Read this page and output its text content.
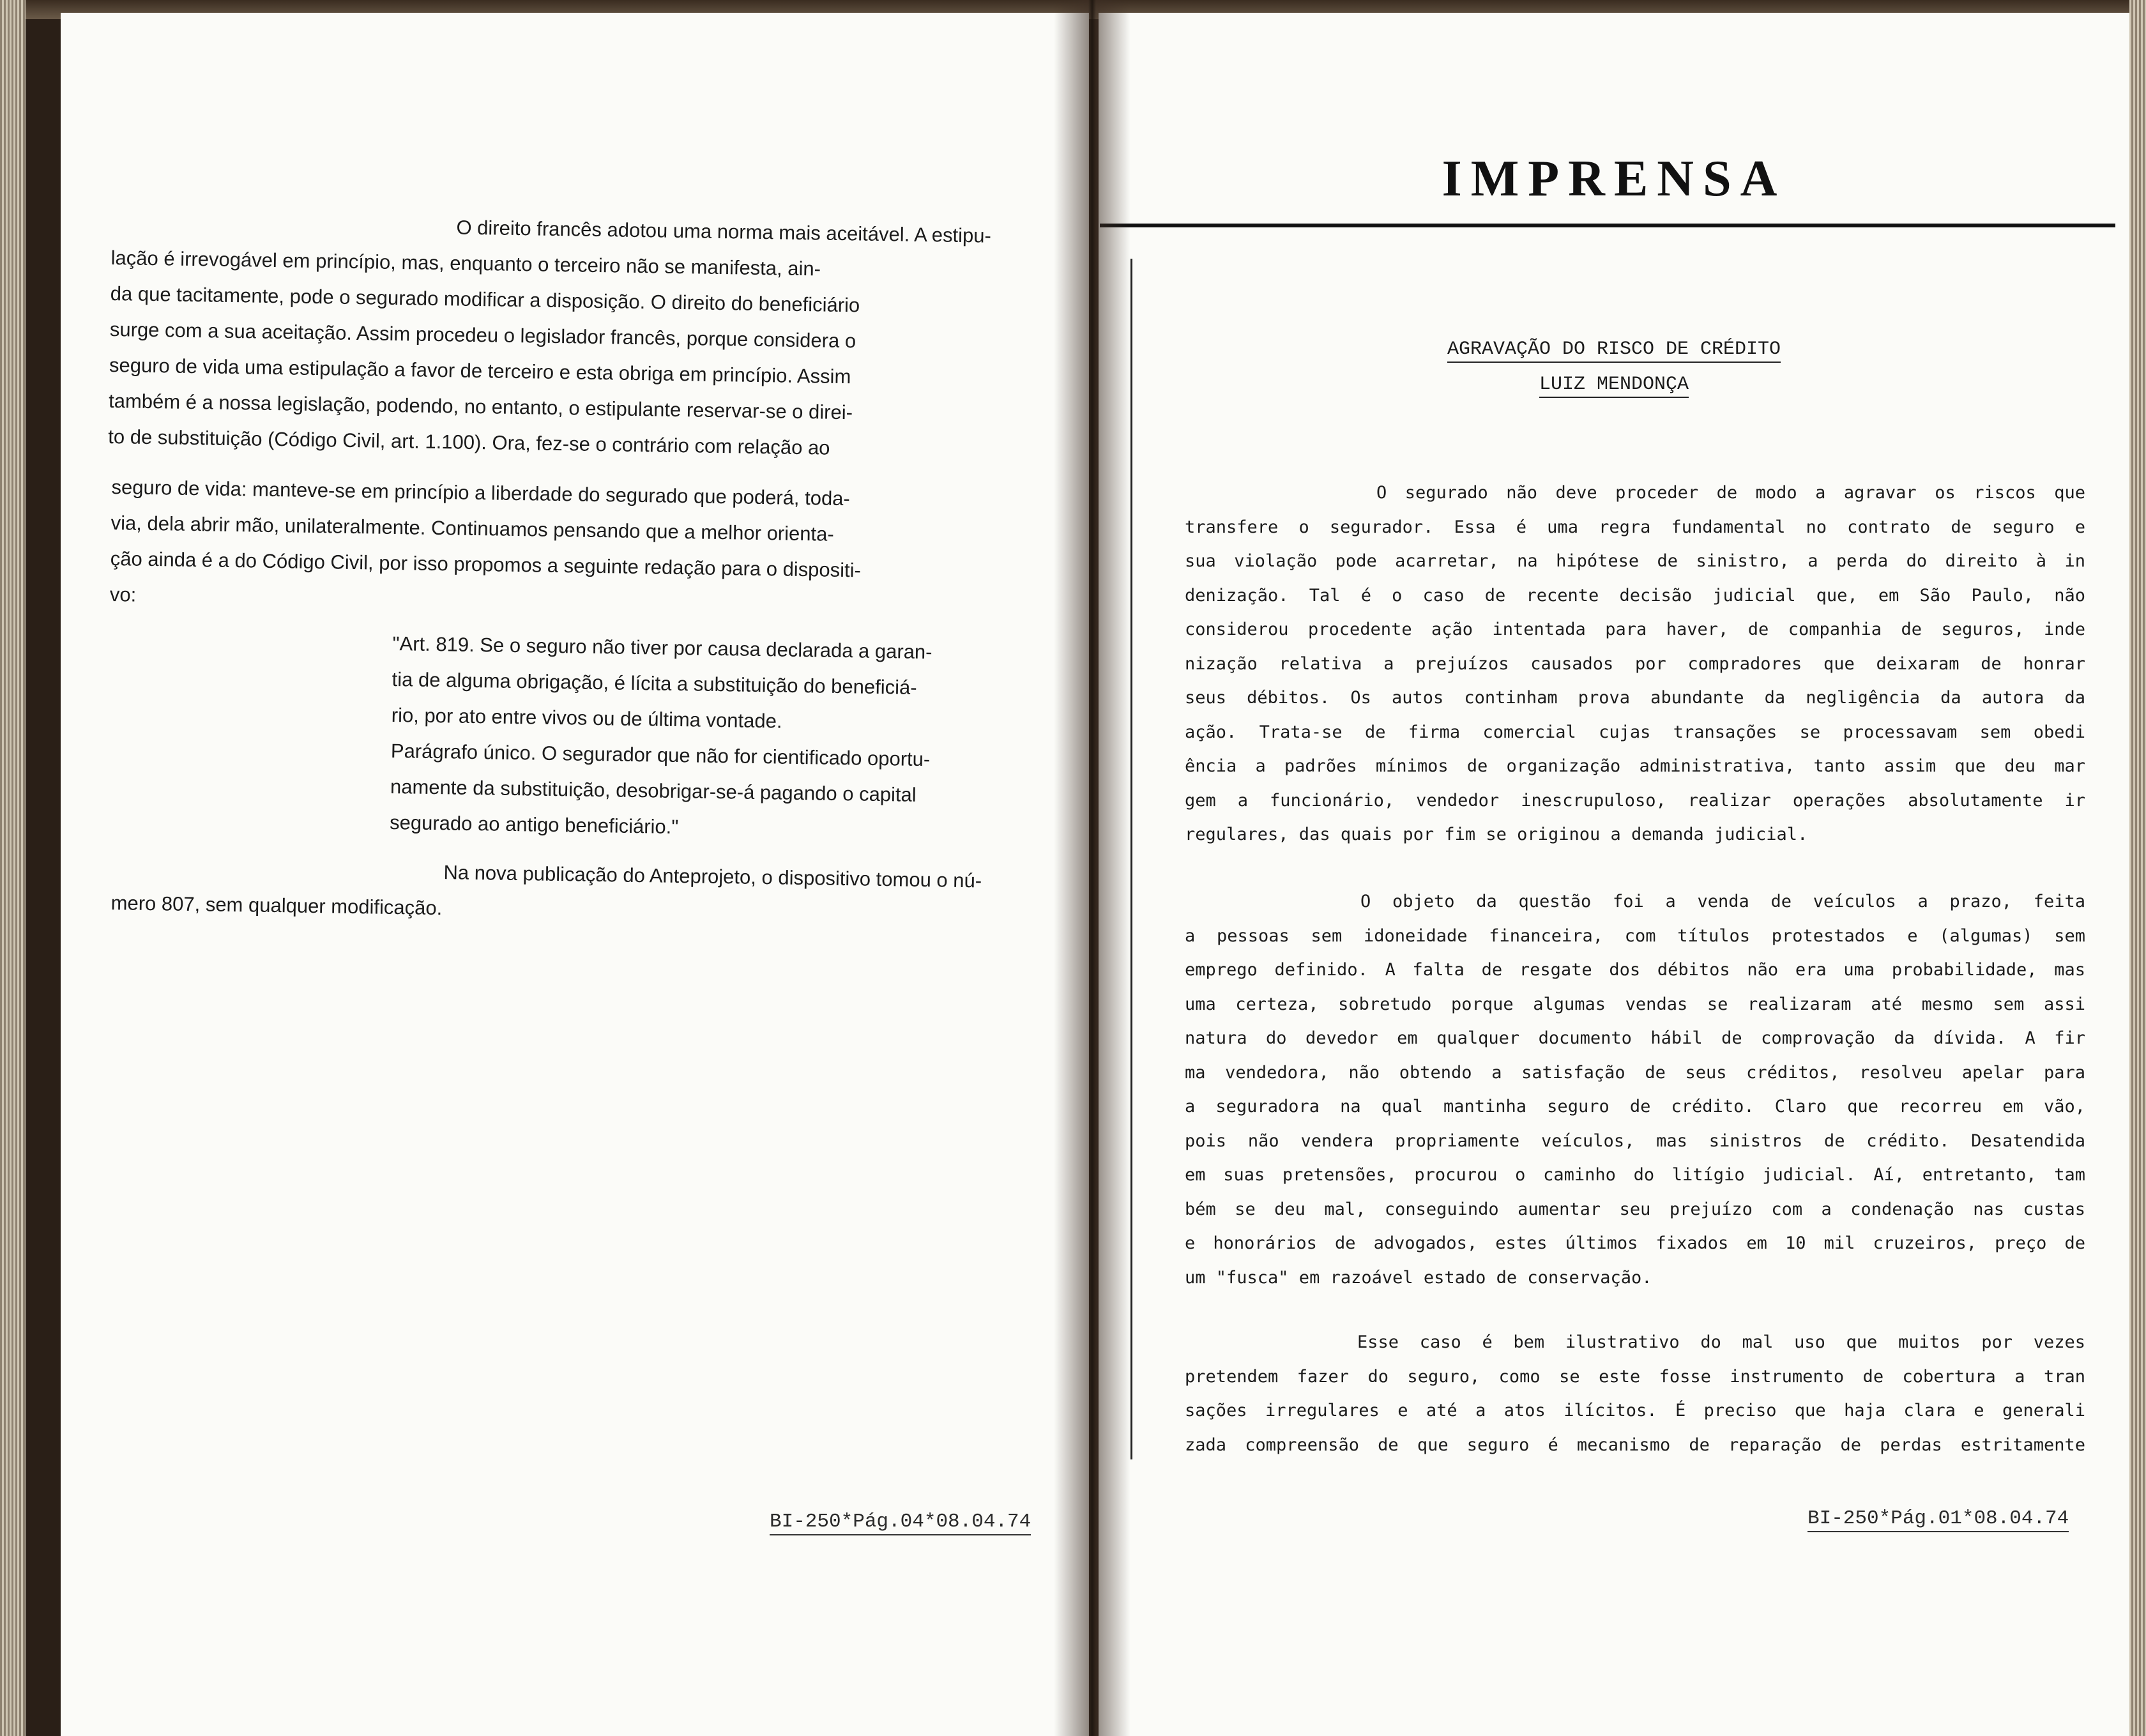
O direito francês adotou uma norma mais aceitável. A estipu-
lação é irrevogável em princípio, mas, enquanto o terceiro não se manifesta, ain-
da que tacitamente, pode o segurado modificar a disposição. O direito do beneficiário
surge com a sua aceitação. Assim procedeu o legislador francês, porque considera o
seguro de vida uma estipulação a favor de terceiro e esta obriga em princípio. Assim
também é a nossa legislação, podendo, no entanto, o estipulante reservar-se o direi-
to de substituição (Código Civil, art. 1.100). Ora, fez-se o contrário com relação ao
seguro de vida: manteve-se em princípio a liberdade do segurado que poderá, toda-
via, dela abrir mão, unilateralmente. Continuamos pensando que a melhor orienta-
ção ainda é a do Código Civil, por isso propomos a seguinte redação para o dispositi-
vo:
"Art. 819. Se o seguro não tiver por causa declarada a garan-
tia de alguma obrigação, é lícita a substituição do beneficiá-
rio, por ato entre vivos ou de última vontade.
Parágrafo único. O segurador que não for cientificado oportu-
namente da substituição, desobrigar-se-á pagando o capital
segurado ao antigo beneficiário."
Na nova publicação do Anteprojeto, o dispositivo tomou o nú-
mero 807, sem qualquer modificação.
BI-250*Pág.04*08.04.74
IMPRENSA
AGRAVAÇÃO DO RISCO DE CRÉDITO
LUIZ MENDONÇA
O segurado não deve proceder de modo a agravar os riscos que
transfere o segurador. Essa é uma regra fundamental no contrato de seguro e
sua violação pode acarretar, na hipótese de sinistro, a perda do direito à in
denização. Tal é o caso de recente decisão judicial que, em São Paulo, não
considerou procedente ação intentada para haver, de companhia de seguros, inde
nização relativa a prejuízos causados por compradores que deixaram de honrar
seus débitos. Os autos continham prova abundante da negligência da autora da
ação. Trata-se de firma comercial cujas transações se processavam sem obedi
ência a padrões mínimos de organização administrativa, tanto assim que deu mar
gem a funcionário, vendedor inescrupuloso, realizar operações absolutamente ir
regulares, das quais por fim se originou a demanda judicial.
O objeto da questão foi a venda de veículos a prazo, feita
a pessoas sem idoneidade financeira, com títulos protestados e (algumas) sem
emprego definido. A falta de resgate dos débitos não era uma probabilidade, mas
uma certeza, sobretudo porque algumas vendas se realizaram até mesmo sem assi
natura do devedor em qualquer documento hábil de comprovação da dívida. A fir
ma vendedora, não obtendo a satisfação de seus créditos, resolveu apelar para
a seguradora na qual mantinha seguro de crédito. Claro que recorreu em vão,
pois não vendera propriamente veículos, mas sinistros de crédito. Desatendida
em suas pretensões, procurou o caminho do litígio judicial. Aí, entretanto, tam
bém se deu mal, conseguindo aumentar seu prejuízo com a condenação nas custas
e honorários de advogados, estes últimos fixados em 10 mil cruzeiros, preço de
um "fusca" em razoável estado de conservação.
Esse caso é bem ilustrativo do mal uso que muitos por vezes
pretendem fazer do seguro, como se este fosse instrumento de cobertura a tran
sações irregulares e até a atos ilícitos. É preciso que haja clara e generali
zada compreensão de que seguro é mecanismo de reparação de perdas estritamente
BI-250*Pág.01*08.04.74
